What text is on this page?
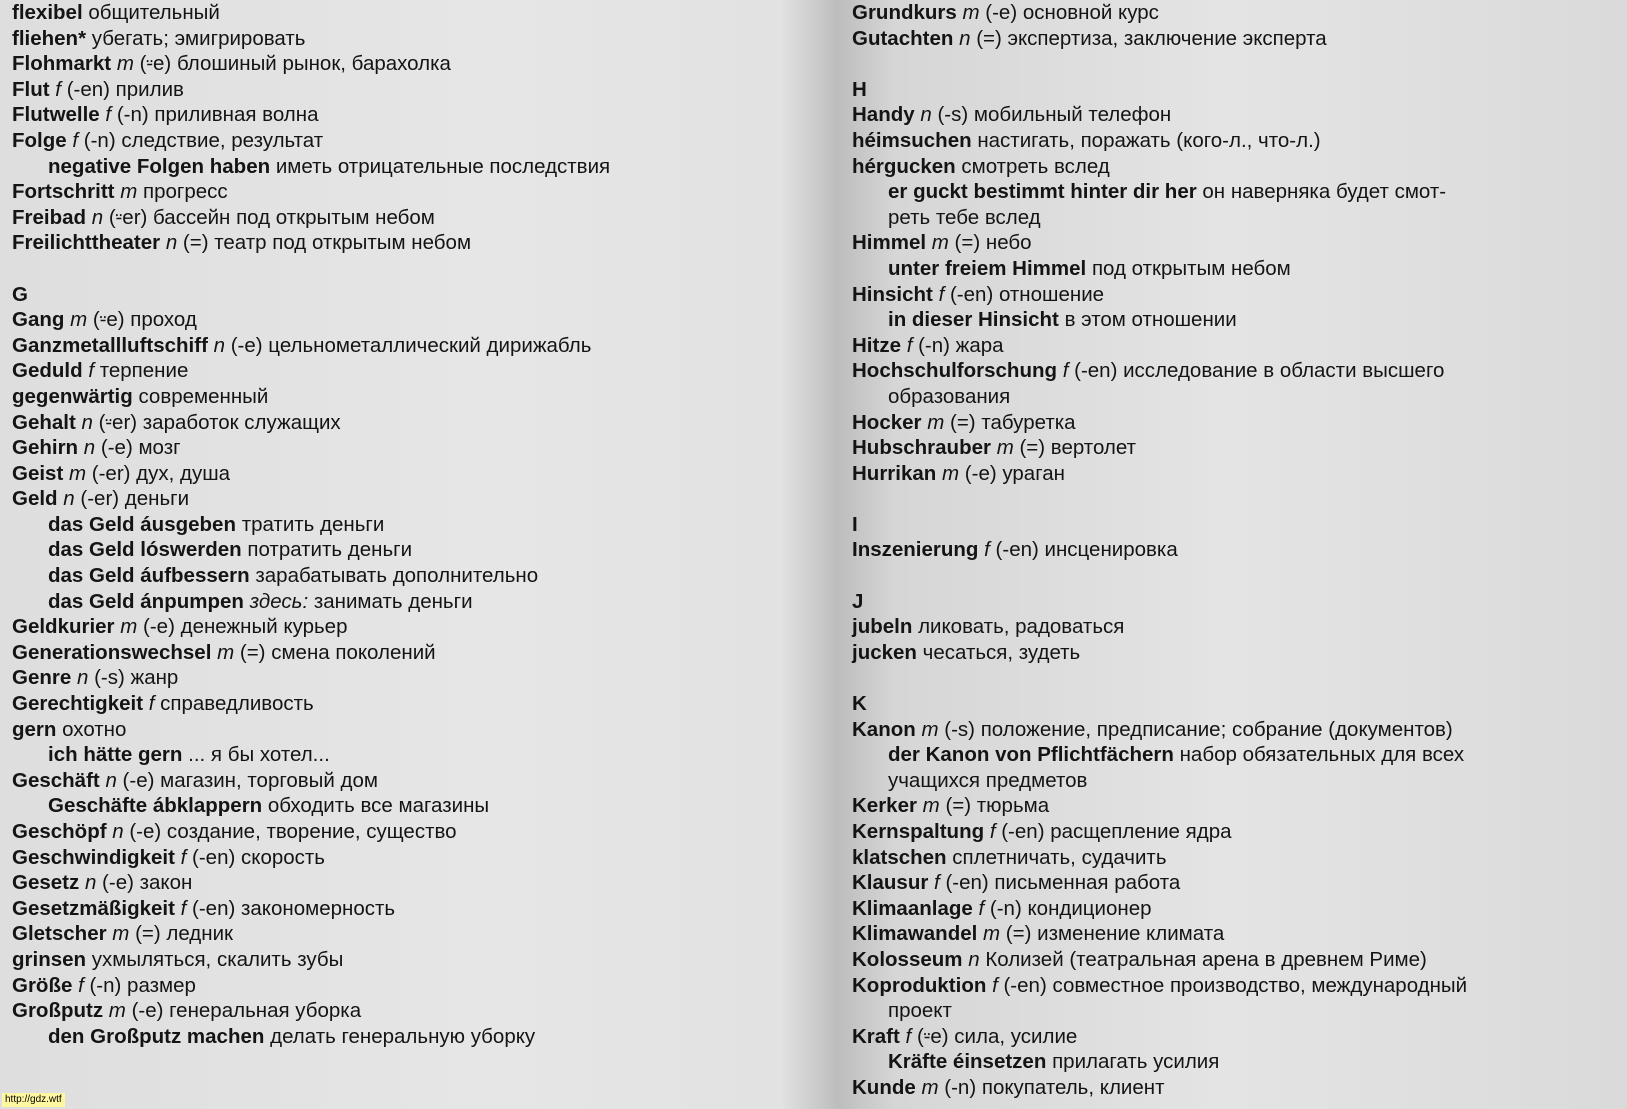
flexibel общительный
fliehen* убегать; эмигрировать
Flohmarkt m (⸚e) блошиный рынок, барахолка
Flut f (-en) прилив
Flutwelle f (-n) приливная волна
Folge f (-n) следствие, результат
negative Folgen haben иметь отрицательные последствия
Fortschritt m прогресс
Freibad n (⸚er) бассейн под открытым небом
Freilichttheater n (=) театр под открытым небом
G
Gang m (⸚e) проход
Ganzmetallluftschiff n (-e) цельнометаллический дирижабль
Geduld f терпение
gegenwärtig современный
Gehalt n (⸚er) заработок служащих
Gehirn n (-e) мозг
Geist m (-er) дух, душа
Geld n (-er) деньги
das Geld áusgeben тратить деньги
das Geld lóswerden потратить деньги
das Geld áufbessern зарабатывать дополнительно
das Geld ánpumpen здесь: занимать деньги
Geldkurier m (-e) денежный курьер
Generationswechsel m (=) смена поколений
Genre n (-s) жанр
Gerechtigkeit f справедливость
gern охотно
ich hätte gern ... я бы хотел...
Geschäft n (-e) магазин, торговый дом
Geschäfte ábklappern обходить все магазины
Geschöpf n (-e) создание, творение, существо
Geschwindigkeit f (-en) скорость
Gesetz n (-e) закон
Gesetzmäßigkeit f (-en) закономерность
Gletscher m (=) ледник
grinsen ухмыляться, скалить зубы
Größe f (-n) размер
Großputz m (-e) генеральная уборка
den Großputz machen делать генеральную уборку
Grundkurs m (-e) основной курс
Gutachten n (=) экспертиза, заключение эксперта
H
Handy n (-s) мобильный телефон
héimsuchen настигать, поражать (кого-л., что-л.)
hérgucken смотреть вслед
er guckt bestimmt hinter dir her он наверняка будет смот-
реть тебе вслед
Himmel m (=) небо
unter freiem Himmel под открытым небом
Hinsicht f (-en) отношение
in dieser Hinsicht в этом отношении
Hitze f (-n) жара
Hochschulforschung f (-en) исследование в области высшего
образования
Hocker m (=) табуретка
Hubschrauber m (=) вертолет
Hurrikan m (-e) ураган
I
Inszenierung f (-en) инсценировка
J
jubeln ликовать, радоваться
jucken чесаться, зудеть
K
Kanon m (-s) положение, предписание; собрание (документов)
der Kanon von Pflichtfächern набор обязательных для всех
учащихся предметов
Kerker m (=) тюрьма
Kernspaltung f (-en) расщепление ядра
klatschen сплетничать, судачить
Klausur f (-en) письменная работа
Klimaanlage f (-n) кондиционер
Klimawandel m (=) изменение климата
Kolosseum n Колизей (театральная арена в древнем Риме)
Koproduktion f (-en) совместное производство, международный
проект
Kraft f (⸚e) сила, усилие
Kräfte éinsetzen прилагать усилия
Kunde m (-n) покупатель, клиент
http://gdz.wtf
